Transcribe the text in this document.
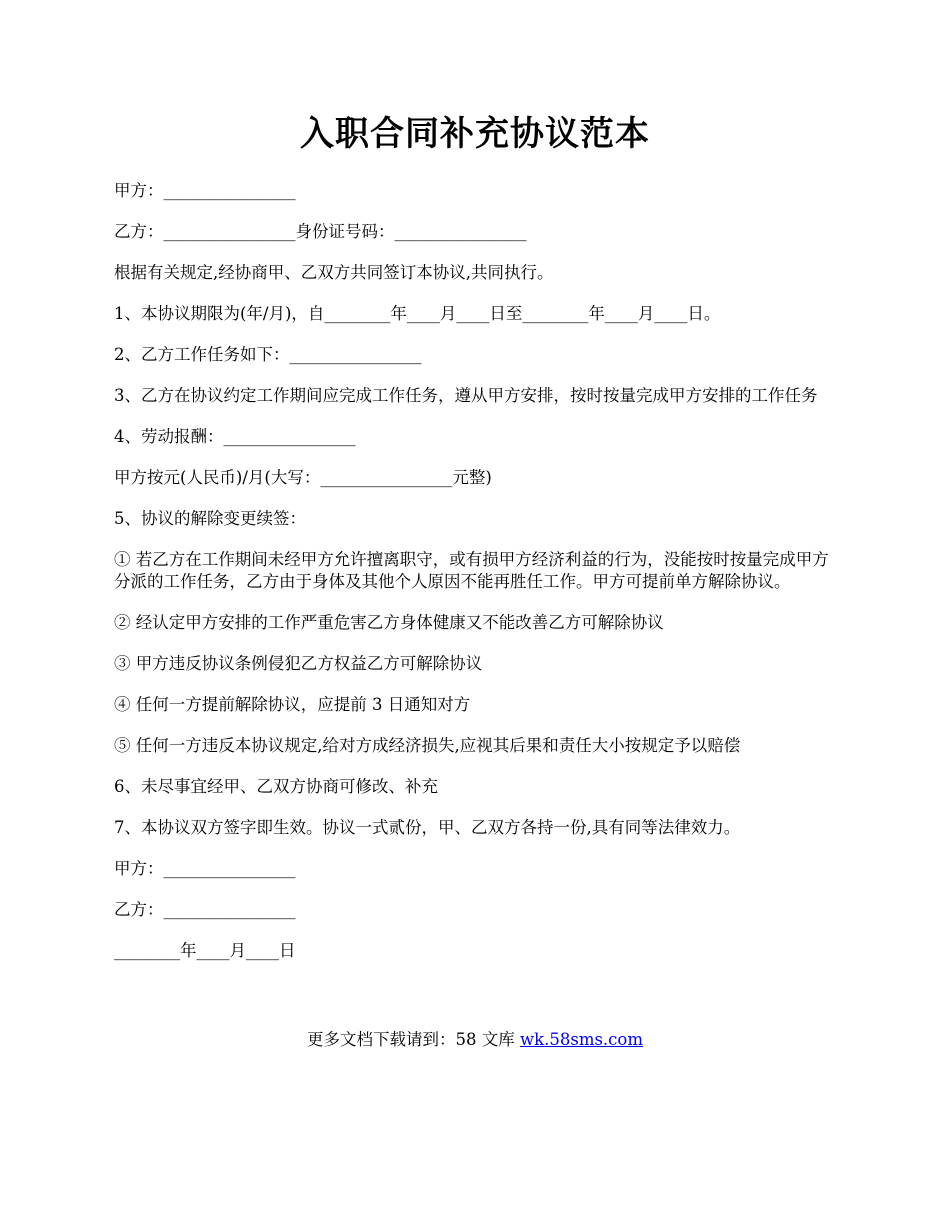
入职合同补充协议范本

甲方：________________

乙方：________________身份证号码：________________

根据有关规定,经协商甲、乙双方共同签订本协议,共同执行。

1、本协议期限为(年/月)，自________年____月____日至________年____月____日。

2、乙方工作任务如下：________________

3、乙方在协议约定工作期间应完成工作任务，遵从甲方安排，按时按量完成甲方安排的工作任务

4、劳动报酬：________________

甲方按元(人民币)/月(大写：________________元整)

5、协议的解除变更续签：

① 若乙方在工作期间未经甲方允许擅离职守，或有损甲方经济利益的行为，没能按时按量完成甲方分派的工作任务，乙方由于身体及其他个人原因不能再胜任工作。甲方可提前单方解除协议。

② 经认定甲方安排的工作严重危害乙方身体健康又不能改善乙方可解除协议

③ 甲方违反协议条例侵犯乙方权益乙方可解除协议

④ 任何一方提前解除协议，应提前 3 日通知对方

⑤ 任何一方违反本协议规定,给对方成经济损失,应视其后果和责任大小按规定予以赔偿

6、未尽事宜经甲、乙双方协商可修改、补充

7、本协议双方签字即生效。协议一式贰份，甲、乙双方各持一份,具有同等法律效力。

甲方：________________

乙方：________________

________年____月____日

更多文档下载请到：58 文库 wk.58sms.com
